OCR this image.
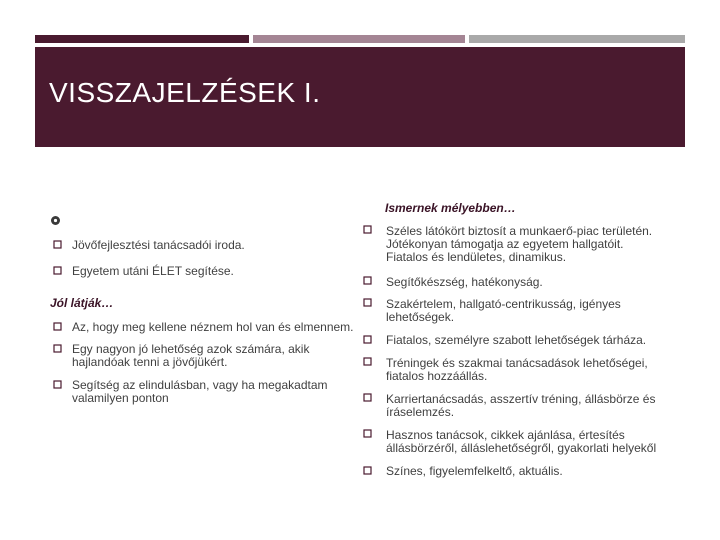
VISSZAJELZÉSEK I.
Jövőfejlesztési tanácsadói iroda.
Egyetem utáni ÉLET segítése.
Jól látják…
Az, hogy meg kellene néznem hol van és elmennem.
Egy nagyon jó lehetőség azok számára, akik
hajlandóak tenni a jövőjükért.
Segítség az elindulásban, vagy ha megakadtam
valamilyen ponton
Ismernek mélyebben…
Széles látókört biztosít a munkaerő-piac területén.
Jótékonyan támogatja az egyetem hallgatóit.
Fiatalos és lendületes, dinamikus.
Segítőkészség, hatékonyság.
Szakértelem, hallgató-centrikusság, igényes
lehetőségek.
Fiatalos, személyre szabott lehetőségek tárháza.
Tréningek és szakmai tanácsadások lehetőségei,
fiatalos hozzáállás.
Karriertanácsadás, asszertív tréning, állásbörze és
íráselemzés.
Hasznos tanácsok, cikkek ajánlása, értesítés
állásbörzéről, álláslehetőségről, gyakorlati helyekől
Színes, figyelemfelkeltő, aktuális.
